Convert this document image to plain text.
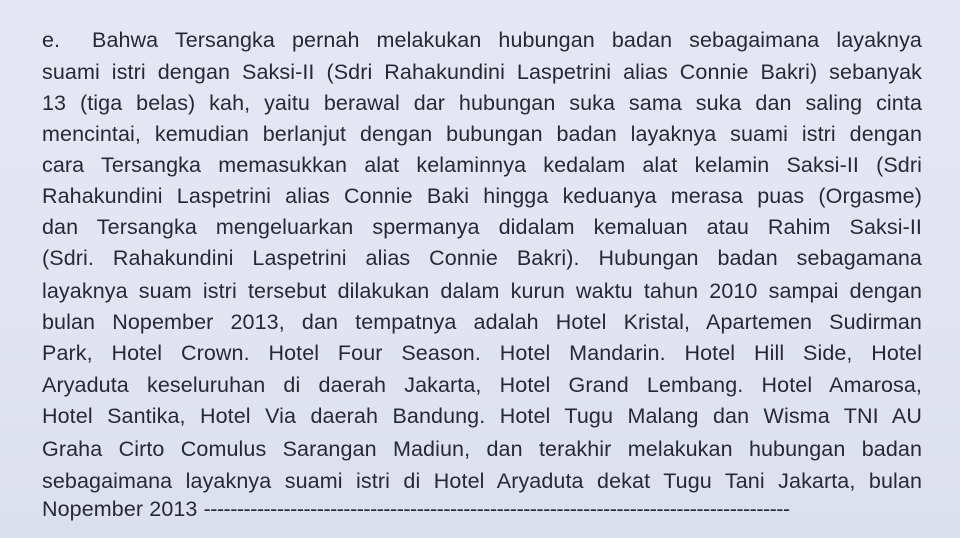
e. Bahwa Tersangka pernah melakukan hubungan badan sebagaimana layaknya
suami istri dengan Saksi-II (Sdri Rahakundini Laspetrini alias Connie Bakri) sebanyak
13 (tiga belas) kah, yaitu berawal dar hubungan suka sama suka dan saling cinta
mencintai, kemudian berlanjut dengan bubungan badan layaknya suami istri dengan
cara Tersangka memasukkan alat kelaminnya kedalam alat kelamin Saksi-II (Sdri
Rahakundini Laspetrini alias Connie Baki hingga keduanya merasa puas (Orgasme)
dan Tersangka mengeluarkan spermanya didalam kemaluan atau Rahim Saksi-II
(Sdri. Rahakundini Laspetrini alias Connie Bakri). Hubungan badan sebagamana
layaknya suam istri tersebut dilakukan dalam kurun waktu tahun 2010 sampai dengan
bulan Nopember 2013, dan tempatnya adalah Hotel Kristal, Apartemen Sudirman
Park, Hotel Crown. Hotel Four Season. Hotel Mandarin. Hotel Hill Side, Hotel
Aryaduta keseluruhan di daerah Jakarta, Hotel Grand Lembang. Hotel Amarosa,
Hotel Santika, Hotel Via daerah Bandung. Hotel Tugu Malang dan Wisma TNI AU
Graha Cirto Comulus Sarangan Madiun, dan terakhir melakukan hubungan badan
sebagaimana layaknya suami istri di Hotel Aryaduta dekat Tugu Tani Jakarta, bulan
Nopember 2013 ----------------------------------------------------------------------------------------
